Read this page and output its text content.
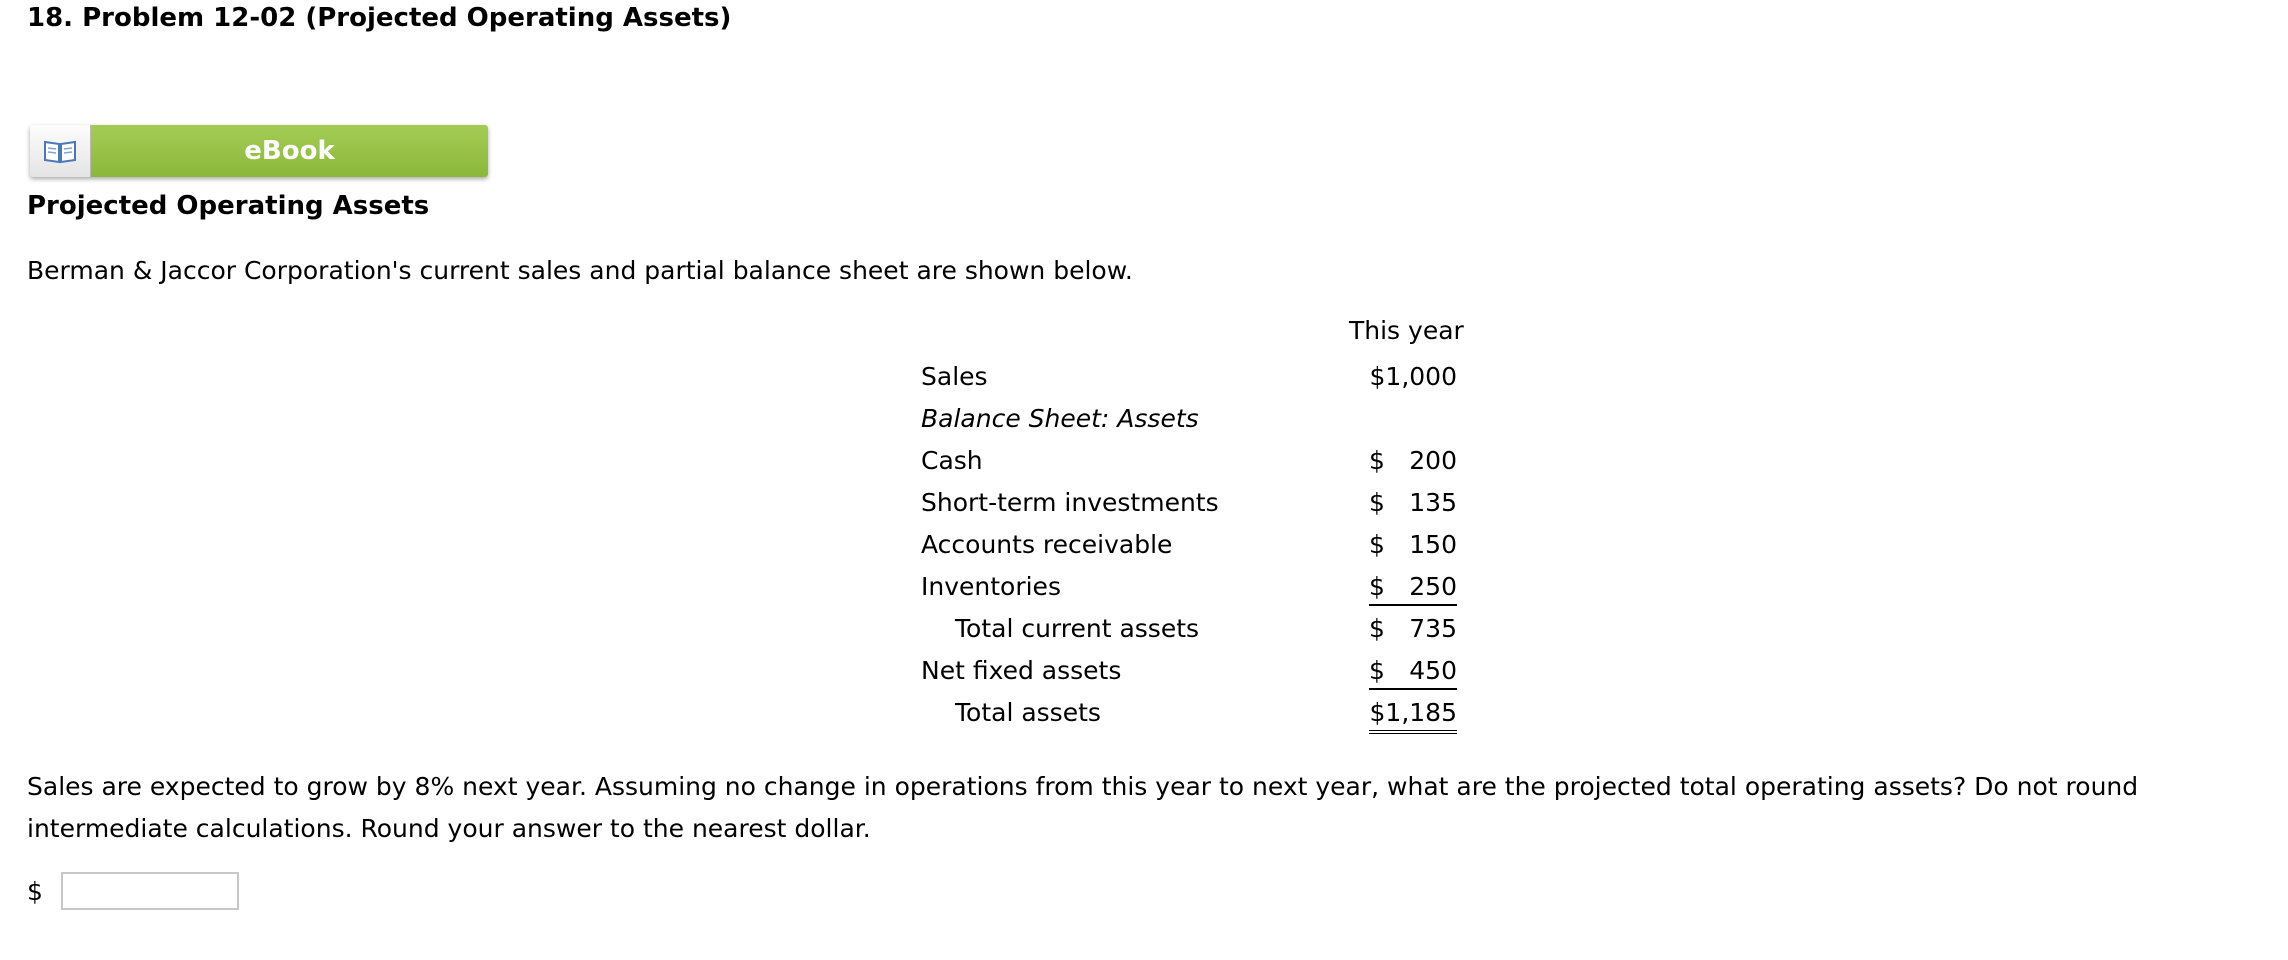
18. Problem 12-02 (Projected Operating Assets)
eBook
Projected Operating Assets
Berman & Jaccor Corporation's current sales and partial balance sheet are shown below.
This year
Sales	$1,000
Balance Sheet: Assets
Cash	$ 200
Short-term investments	$ 135
Accounts receivable	$ 150
Inventories	$ 250
Total current assets	$ 735
Net fixed assets	$ 450
Total assets	$1,185
Sales are expected to grow by 8% next year. Assuming no change in operations from this year to next year, what are the projected total operating assets? Do not round intermediate calculations. Round your answer to the nearest dollar.
$
